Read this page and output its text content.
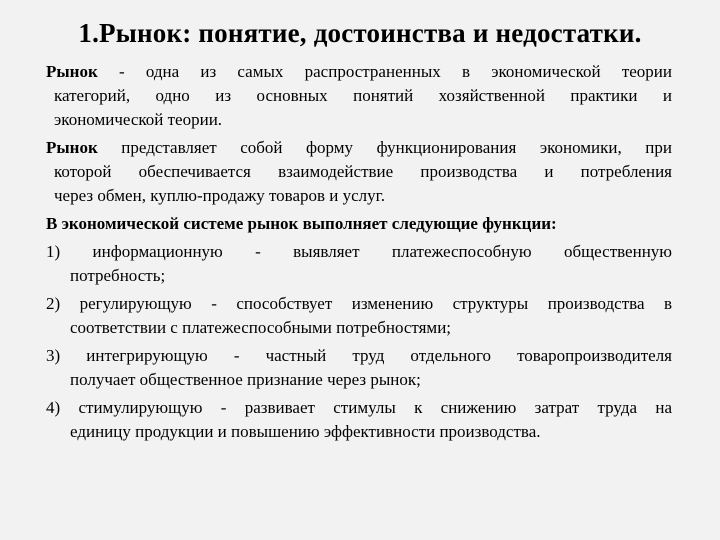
1.Рынок: понятие, достоинства и недостатки.
Рынок - одна из самых распространенных в экономической теории
категорий, одно из основных понятий хозяйственной практики и
экономической теории.
Рынок представляет собой форму функционирования экономики, при
которой обеспечивается взаимодействие производства и потребления
через обмен, куплю-продажу товаров и услуг.
В экономической системе рынок выполняет следующие функции:
1) информационную - выявляет платежеспособную общественную
потребность;
2) регулирующую - способствует изменению структуры производства в
соответствии с платежеспособными потребностями;
3) интегрирующую - частный труд отдельного товаропроизводителя
получает общественное признание через рынок;
4) стимулирующую - развивает стимулы к снижению затрат труда на
единицу продукции и повышению эффективности производства.
